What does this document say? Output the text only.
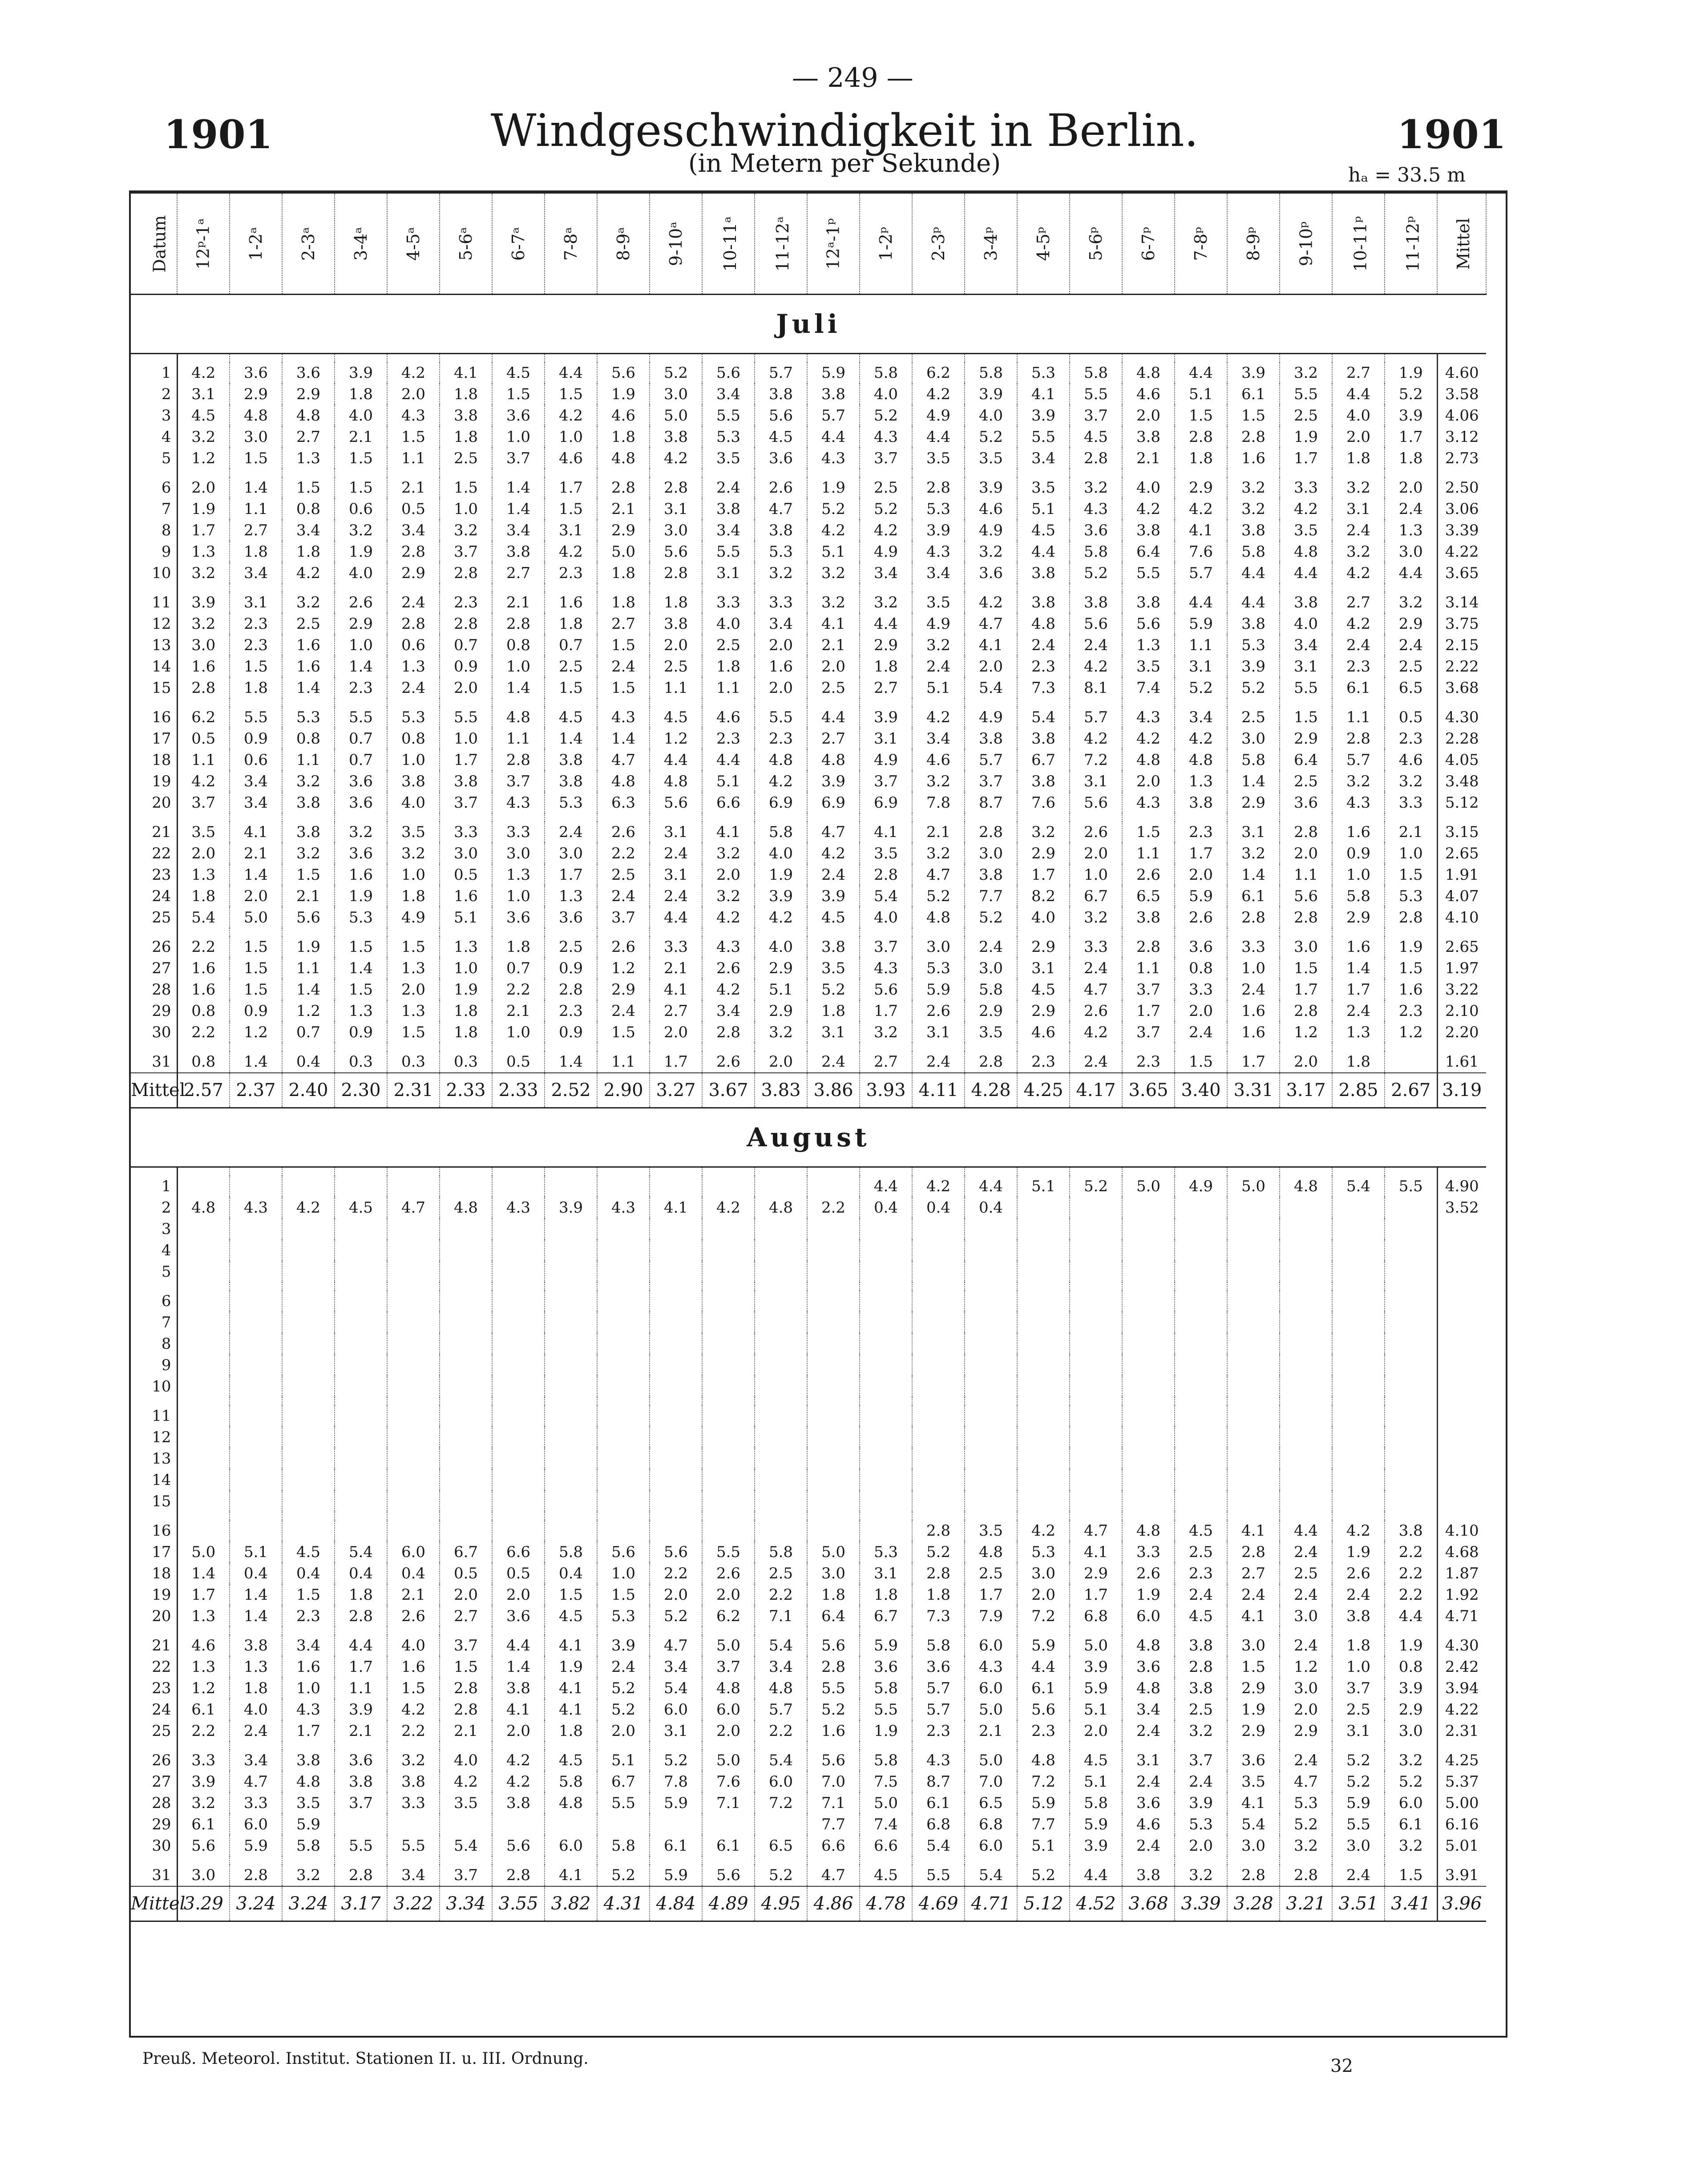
— 249 —
1901	Windgeschwindigkeit in Berlin.	1901
(in Metern per Sekunde)	hₐ = 33.5 m
Datum	12ᵖ-1ᵃ	1-2ᵃ	2-3ᵃ	3-4ᵃ	4-5ᵃ	5-6ᵃ	6-7ᵃ	7-8ᵃ	8-9ᵃ	9-10ᵃ	10-11ᵃ	11-12ᵃ	12ᵃ-1ᵖ	1-2ᵖ	2-3ᵖ	3-4ᵖ	4-5ᵖ	5-6ᵖ	6-7ᵖ	7-8ᵖ	8-9ᵖ	9-10ᵖ	10-11ᵖ	11-12ᵖ	Mittel
Juli																									

1	4.2	3.6	3.6	3.9	4.2	4.1	4.5	4.4	5.6	5.2	5.6	5.7	5.9	5.8	6.2	5.8	5.3	5.8	4.8	4.4	3.9	3.2	2.7	1.9	4.60
2	3.1	2.9	2.9	1.8	2.0	1.8	1.5	1.5	1.9	3.0	3.4	3.8	3.8	4.0	4.2	3.9	4.1	5.5	4.6	5.1	6.1	5.5	4.4	5.2	3.58
3	4.5	4.8	4.8	4.0	4.3	3.8	3.6	4.2	4.6	5.0	5.5	5.6	5.7	5.2	4.9	4.0	3.9	3.7	2.0	1.5	1.5	2.5	4.0	3.9	4.06
4	3.2	3.0	2.7	2.1	1.5	1.8	1.0	1.0	1.8	3.8	5.3	4.5	4.4	4.3	4.4	5.2	5.5	4.5	3.8	2.8	2.8	1.9	2.0	1.7	3.12
5	1.2	1.5	1.3	1.5	1.1	2.5	3.7	4.6	4.8	4.2	3.5	3.6	4.3	3.7	3.5	3.5	3.4	2.8	2.1	1.8	1.6	1.7	1.8	1.8	2.73

6	2.0	1.4	1.5	1.5	2.1	1.5	1.4	1.7	2.8	2.8	2.4	2.6	1.9	2.5	2.8	3.9	3.5	3.2	4.0	2.9	3.2	3.3	3.2	2.0	2.50
7	1.9	1.1	0.8	0.6	0.5	1.0	1.4	1.5	2.1	3.1	3.8	4.7	5.2	5.2	5.3	4.6	5.1	4.3	4.2	4.2	3.2	4.2	3.1	2.4	3.06
8	1.7	2.7	3.4	3.2	3.4	3.2	3.4	3.1	2.9	3.0	3.4	3.8	4.2	4.2	3.9	4.9	4.5	3.6	3.8	4.1	3.8	3.5	2.4	1.3	3.39
9	1.3	1.8	1.8	1.9	2.8	3.7	3.8	4.2	5.0	5.6	5.5	5.3	5.1	4.9	4.3	3.2	4.4	5.8	6.4	7.6	5.8	4.8	3.2	3.0	4.22
10	3.2	3.4	4.2	4.0	2.9	2.8	2.7	2.3	1.8	2.8	3.1	3.2	3.2	3.4	3.4	3.6	3.8	5.2	5.5	5.7	4.4	4.4	4.2	4.4	3.65

11	3.9	3.1	3.2	2.6	2.4	2.3	2.1	1.6	1.8	1.8	3.3	3.3	3.2	3.2	3.5	4.2	3.8	3.8	3.8	4.4	4.4	3.8	2.7	3.2	3.14
12	3.2	2.3	2.5	2.9	2.8	2.8	2.8	1.8	2.7	3.8	4.0	3.4	4.1	4.4	4.9	4.7	4.8	5.6	5.6	5.9	3.8	4.0	4.2	2.9	3.75
13	3.0	2.3	1.6	1.0	0.6	0.7	0.8	0.7	1.5	2.0	2.5	2.0	2.1	2.9	3.2	4.1	2.4	2.4	1.3	1.1	5.3	3.4	2.4	2.4	2.15
14	1.6	1.5	1.6	1.4	1.3	0.9	1.0	2.5	2.4	2.5	1.8	1.6	2.0	1.8	2.4	2.0	2.3	4.2	3.5	3.1	3.9	3.1	2.3	2.5	2.22
15	2.8	1.8	1.4	2.3	2.4	2.0	1.4	1.5	1.5	1.1	1.1	2.0	2.5	2.7	5.1	5.4	7.3	8.1	7.4	5.2	5.2	5.5	6.1	6.5	3.68

16	6.2	5.5	5.3	5.5	5.3	5.5	4.8	4.5	4.3	4.5	4.6	5.5	4.4	3.9	4.2	4.9	5.4	5.7	4.3	3.4	2.5	1.5	1.1	0.5	4.30
17	0.5	0.9	0.8	0.7	0.8	1.0	1.1	1.4	1.4	1.2	2.3	2.3	2.7	3.1	3.4	3.8	3.8	4.2	4.2	4.2	3.0	2.9	2.8	2.3	2.28
18	1.1	0.6	1.1	0.7	1.0	1.7	2.8	3.8	4.7	4.4	4.4	4.8	4.8	4.9	4.6	5.7	6.7	7.2	4.8	4.8	5.8	6.4	5.7	4.6	4.05
19	4.2	3.4	3.2	3.6	3.8	3.8	3.7	3.8	4.8	4.8	5.1	4.2	3.9	3.7	3.2	3.7	3.8	3.1	2.0	1.3	1.4	2.5	3.2	3.2	3.48
20	3.7	3.4	3.8	3.6	4.0	3.7	4.3	5.3	6.3	5.6	6.6	6.9	6.9	6.9	7.8	8.7	7.6	5.6	4.3	3.8	2.9	3.6	4.3	3.3	5.12

21	3.5	4.1	3.8	3.2	3.5	3.3	3.3	2.4	2.6	3.1	4.1	5.8	4.7	4.1	2.1	2.8	3.2	2.6	1.5	2.3	3.1	2.8	1.6	2.1	3.15
22	2.0	2.1	3.2	3.6	3.2	3.0	3.0	3.0	2.2	2.4	3.2	4.0	4.2	3.5	3.2	3.0	2.9	2.0	1.1	1.7	3.2	2.0	0.9	1.0	2.65
23	1.3	1.4	1.5	1.6	1.0	0.5	1.3	1.7	2.5	3.1	2.0	1.9	2.4	2.8	4.7	3.8	1.7	1.0	2.6	2.0	1.4	1.1	1.0	1.5	1.91
24	1.8	2.0	2.1	1.9	1.8	1.6	1.0	1.3	2.4	2.4	3.2	3.9	3.9	5.4	5.2	7.7	8.2	6.7	6.5	5.9	6.1	5.6	5.8	5.3	4.07
25	5.4	5.0	5.6	5.3	4.9	5.1	3.6	3.6	3.7	4.4	4.2	4.2	4.5	4.0	4.8	5.2	4.0	3.2	3.8	2.6	2.8	2.8	2.9	2.8	4.10

26	2.2	1.5	1.9	1.5	1.5	1.3	1.8	2.5	2.6	3.3	4.3	4.0	3.8	3.7	3.0	2.4	2.9	3.3	2.8	3.6	3.3	3.0	1.6	1.9	2.65
27	1.6	1.5	1.1	1.4	1.3	1.0	0.7	0.9	1.2	2.1	2.6	2.9	3.5	4.3	5.3	3.0	3.1	2.4	1.1	0.8	1.0	1.5	1.4	1.5	1.97
28	1.6	1.5	1.4	1.5	2.0	1.9	2.2	2.8	2.9	4.1	4.2	5.1	5.2	5.6	5.9	5.8	4.5	4.7	3.7	3.3	2.4	1.7	1.7	1.6	3.22
29	0.8	0.9	1.2	1.3	1.3	1.8	2.1	2.3	2.4	2.7	3.4	2.9	1.8	1.7	2.6	2.9	2.9	2.6	1.7	2.0	1.6	2.8	2.4	2.3	2.10
30	2.2	1.2	0.7	0.9	1.5	1.8	1.0	0.9	1.5	2.0	2.8	3.2	3.1	3.2	3.1	3.5	4.6	4.2	3.7	2.4	1.6	1.2	1.3	1.2	2.20

31	0.8	1.4	0.4	0.3	0.3	0.3	0.5	1.4	1.1	1.7	2.6	2.0	2.4	2.7	2.4	2.8	2.3	2.4	2.3	1.5	1.7	2.0	1.8		1.61
Mittel	2.57	2.37	2.40	2.30	2.31	2.33	2.33	2.52	2.90	3.27	3.67	3.83	3.86	3.93	4.11	4.28	4.25	4.17	3.65	3.40	3.31	3.17	2.85	2.67	3.19
August																									

1														4.4	4.2	4.4	5.1	5.2	5.0	4.9	5.0	4.8	5.4	5.5	4.90
2	4.8	4.3	4.2	4.5	4.7	4.8	4.3	3.9	4.3	4.1	4.2	4.8	2.2	0.4	0.4	0.4									3.52
3																									
4																									
5																									

6																									
7																									
8																									
9																									
10																									

11																									
12																									
13																									
14																									
15																									

16															2.8	3.5	4.2	4.7	4.8	4.5	4.1	4.4	4.2	3.8	4.10
17	5.0	5.1	4.5	5.4	6.0	6.7	6.6	5.8	5.6	5.6	5.5	5.8	5.0	5.3	5.2	4.8	5.3	4.1	3.3	2.5	2.8	2.4	1.9	2.2	4.68
18	1.4	0.4	0.4	0.4	0.4	0.5	0.5	0.4	1.0	2.2	2.6	2.5	3.0	3.1	2.8	2.5	3.0	2.9	2.6	2.3	2.7	2.5	2.6	2.2	1.87
19	1.7	1.4	1.5	1.8	2.1	2.0	2.0	1.5	1.5	2.0	2.0	2.2	1.8	1.8	1.8	1.7	2.0	1.7	1.9	2.4	2.4	2.4	2.4	2.2	1.92
20	1.3	1.4	2.3	2.8	2.6	2.7	3.6	4.5	5.3	5.2	6.2	7.1	6.4	6.7	7.3	7.9	7.2	6.8	6.0	4.5	4.1	3.0	3.8	4.4	4.71

21	4.6	3.8	3.4	4.4	4.0	3.7	4.4	4.1	3.9	4.7	5.0	5.4	5.6	5.9	5.8	6.0	5.9	5.0	4.8	3.8	3.0	2.4	1.8	1.9	4.30
22	1.3	1.3	1.6	1.7	1.6	1.5	1.4	1.9	2.4	3.4	3.7	3.4	2.8	3.6	3.6	4.3	4.4	3.9	3.6	2.8	1.5	1.2	1.0	0.8	2.42
23	1.2	1.8	1.0	1.1	1.5	2.8	3.8	4.1	5.2	5.4	4.8	4.8	5.5	5.8	5.7	6.0	6.1	5.9	4.8	3.8	2.9	3.0	3.7	3.9	3.94
24	6.1	4.0	4.3	3.9	4.2	2.8	4.1	4.1	5.2	6.0	6.0	5.7	5.2	5.5	5.7	5.0	5.6	5.1	3.4	2.5	1.9	2.0	2.5	2.9	4.22
25	2.2	2.4	1.7	2.1	2.2	2.1	2.0	1.8	2.0	3.1	2.0	2.2	1.6	1.9	2.3	2.1	2.3	2.0	2.4	3.2	2.9	2.9	3.1	3.0	2.31

26	3.3	3.4	3.8	3.6	3.2	4.0	4.2	4.5	5.1	5.2	5.0	5.4	5.6	5.8	4.3	5.0	4.8	4.5	3.1	3.7	3.6	2.4	5.2	3.2	4.25
27	3.9	4.7	4.8	3.8	3.8	4.2	4.2	5.8	6.7	7.8	7.6	6.0	7.0	7.5	8.7	7.0	7.2	5.1	2.4	2.4	3.5	4.7	5.2	5.2	5.37
28	3.2	3.3	3.5	3.7	3.3	3.5	3.8	4.8	5.5	5.9	7.1	7.2	7.1	5.0	6.1	6.5	5.9	5.8	3.6	3.9	4.1	5.3	5.9	6.0	5.00
29	6.1	6.0	5.9										7.7	7.4	6.8	6.8	7.7	5.9	4.6	5.3	5.4	5.2	5.5	6.1	6.16
30	5.6	5.9	5.8	5.5	5.5	5.4	5.6	6.0	5.8	6.1	6.1	6.5	6.6	6.6	5.4	6.0	5.1	3.9	2.4	2.0	3.0	3.2	3.0	3.2	5.01

31	3.0	2.8	3.2	2.8	3.4	3.7	2.8	4.1	5.2	5.9	5.6	5.2	4.7	4.5	5.5	5.4	5.2	4.4	3.8	3.2	2.8	2.8	2.4	1.5	3.91
Mittel	3.29	3.24	3.24	3.17	3.22	3.34	3.55	3.82	4.31	4.84	4.89	4.95	4.86	4.78	4.69	4.71	5.12	4.52	3.68	3.39	3.28	3.21	3.51	3.41	3.96
Preuß. Meteorol. Institut. Stationen II. u. III. Ordnung.	32
